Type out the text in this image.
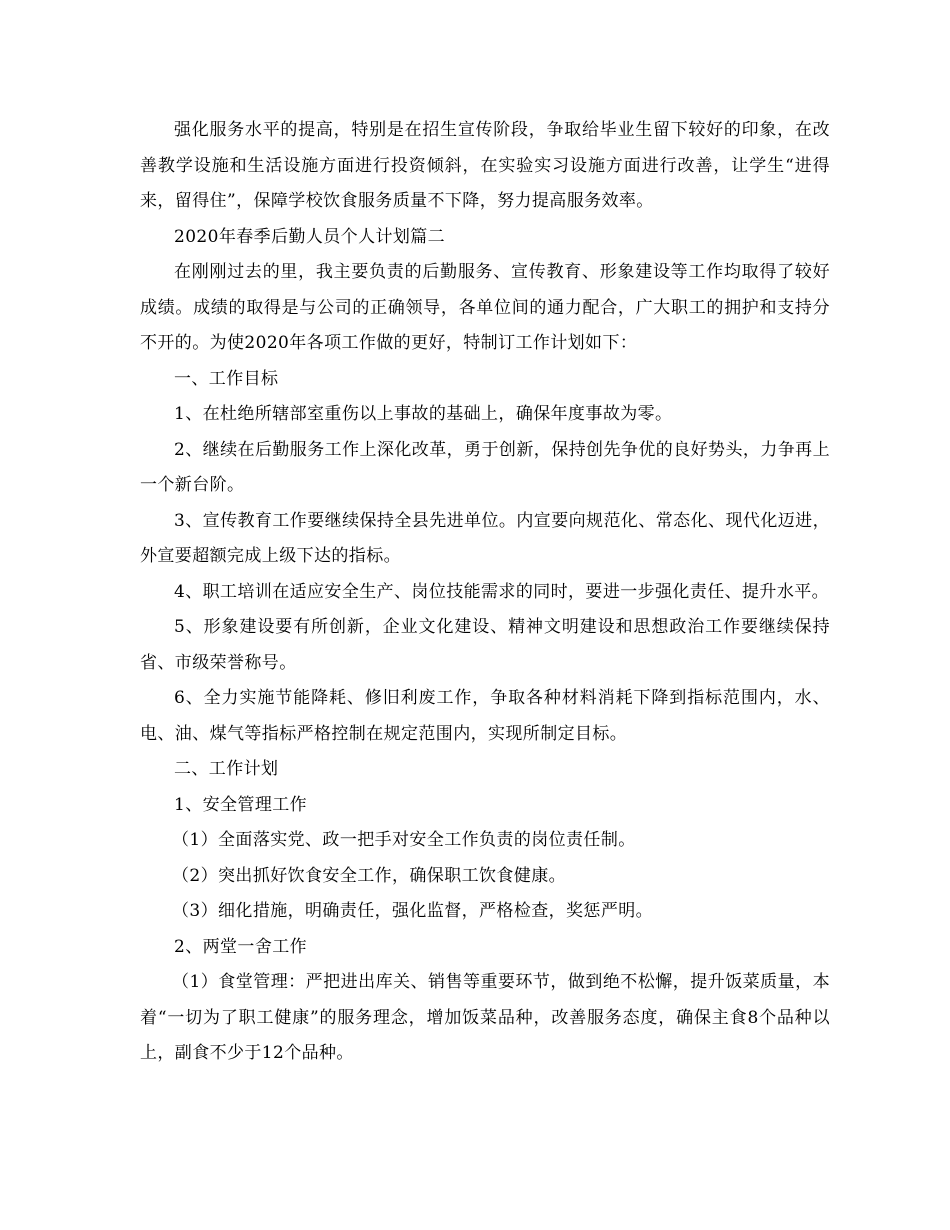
强化服务水平的提高，特别是在招生宣传阶段，争取给毕业生留下较好的印象，在改善教学设施和生活设施方面进行投资倾斜，在实验实习设施方面进行改善，让学生“进得来，留得住”，保障学校饮食服务质量不下降，努力提高服务效率。

2020年春季后勤人员个人计划篇二

在刚刚过去的里，我主要负责的后勤服务、宣传教育、形象建设等工作均取得了较好成绩。成绩的取得是与公司的正确领导，各单位间的通力配合，广大职工的拥护和支持分不开的。为使2020年各项工作做的更好，特制订工作计划如下：

一、工作目标

1、在杜绝所辖部室重伤以上事故的基础上，确保年度事故为零。

2、继续在后勤服务工作上深化改革，勇于创新，保持创先争优的良好势头，力争再上一个新台阶。

3、宣传教育工作要继续保持全县先进单位。内宣要向规范化、常态化、现代化迈进，外宣要超额完成上级下达的指标。

4、职工培训在适应安全生产、岗位技能需求的同时，要进一步强化责任、提升水平。

5、形象建设要有所创新，企业文化建设、精神文明建设和思想政治工作要继续保持省、市级荣誉称号。

6、全力实施节能降耗、修旧利废工作，争取各种材料消耗下降到指标范围内，水、电、油、煤气等指标严格控制在规定范围内，实现所制定目标。

二、工作计划

1、安全管理工作

（1）全面落实党、政一把手对安全工作负责的岗位责任制。

（2）突出抓好饮食安全工作，确保职工饮食健康。

（3）细化措施，明确责任，强化监督，严格检查，奖惩严明。

2、两堂一舍工作

（1）食堂管理：严把进出库关、销售等重要环节，做到绝不松懈，提升饭菜质量，本着“一切为了职工健康”的服务理念，增加饭菜品种，改善服务态度，确保主食8个品种以上，副食不少于12个品种。
